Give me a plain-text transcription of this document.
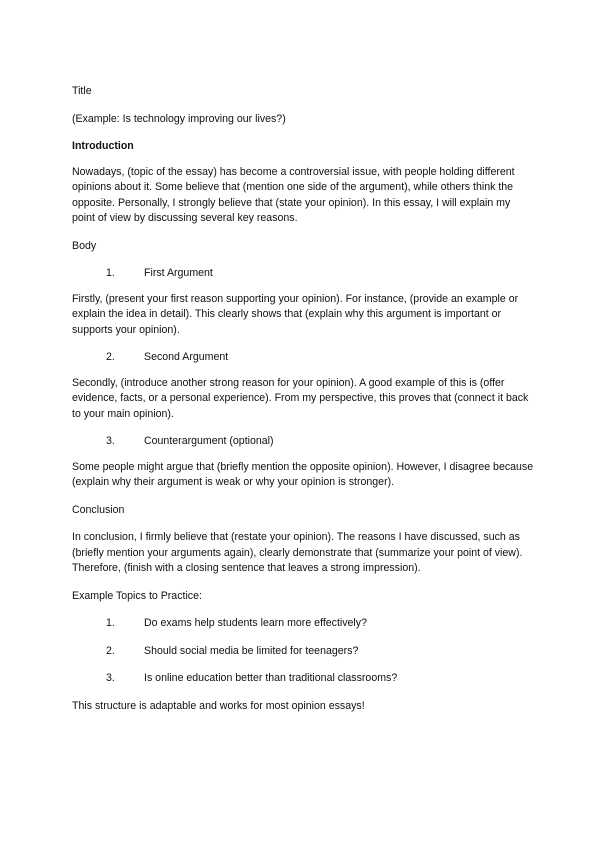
Title

(Example: Is technology improving our lives?)

Introduction

Nowadays, (topic of the essay) has become a controversial issue, with people holding different opinions about it. Some believe that (mention one side of the argument), while others think the opposite. Personally, I strongly believe that (state your opinion). In this essay, I will explain my point of view by discussing several key reasons.

Body

1.	First Argument

Firstly, (present your first reason supporting your opinion). For instance, (provide an example or explain the idea in detail). This clearly shows that (explain why this argument is important or supports your opinion).

2.	Second Argument

Secondly, (introduce another strong reason for your opinion). A good example of this is (offer evidence, facts, or a personal experience). From my perspective, this proves that (connect it back to your main opinion).

3.	Counterargument (optional)

Some people might argue that (briefly mention the opposite opinion). However, I disagree because (explain why their argument is weak or why your opinion is stronger).

Conclusion

In conclusion, I firmly believe that (restate your opinion). The reasons I have discussed, such as (briefly mention your arguments again), clearly demonstrate that (summarize your point of view). Therefore, (finish with a closing sentence that leaves a strong impression).

Example Topics to Practice:

1.	Do exams help students learn more effectively?
2.	Should social media be limited for teenagers?
3.	Is online education better than traditional classrooms?

This structure is adaptable and works for most opinion essays!
